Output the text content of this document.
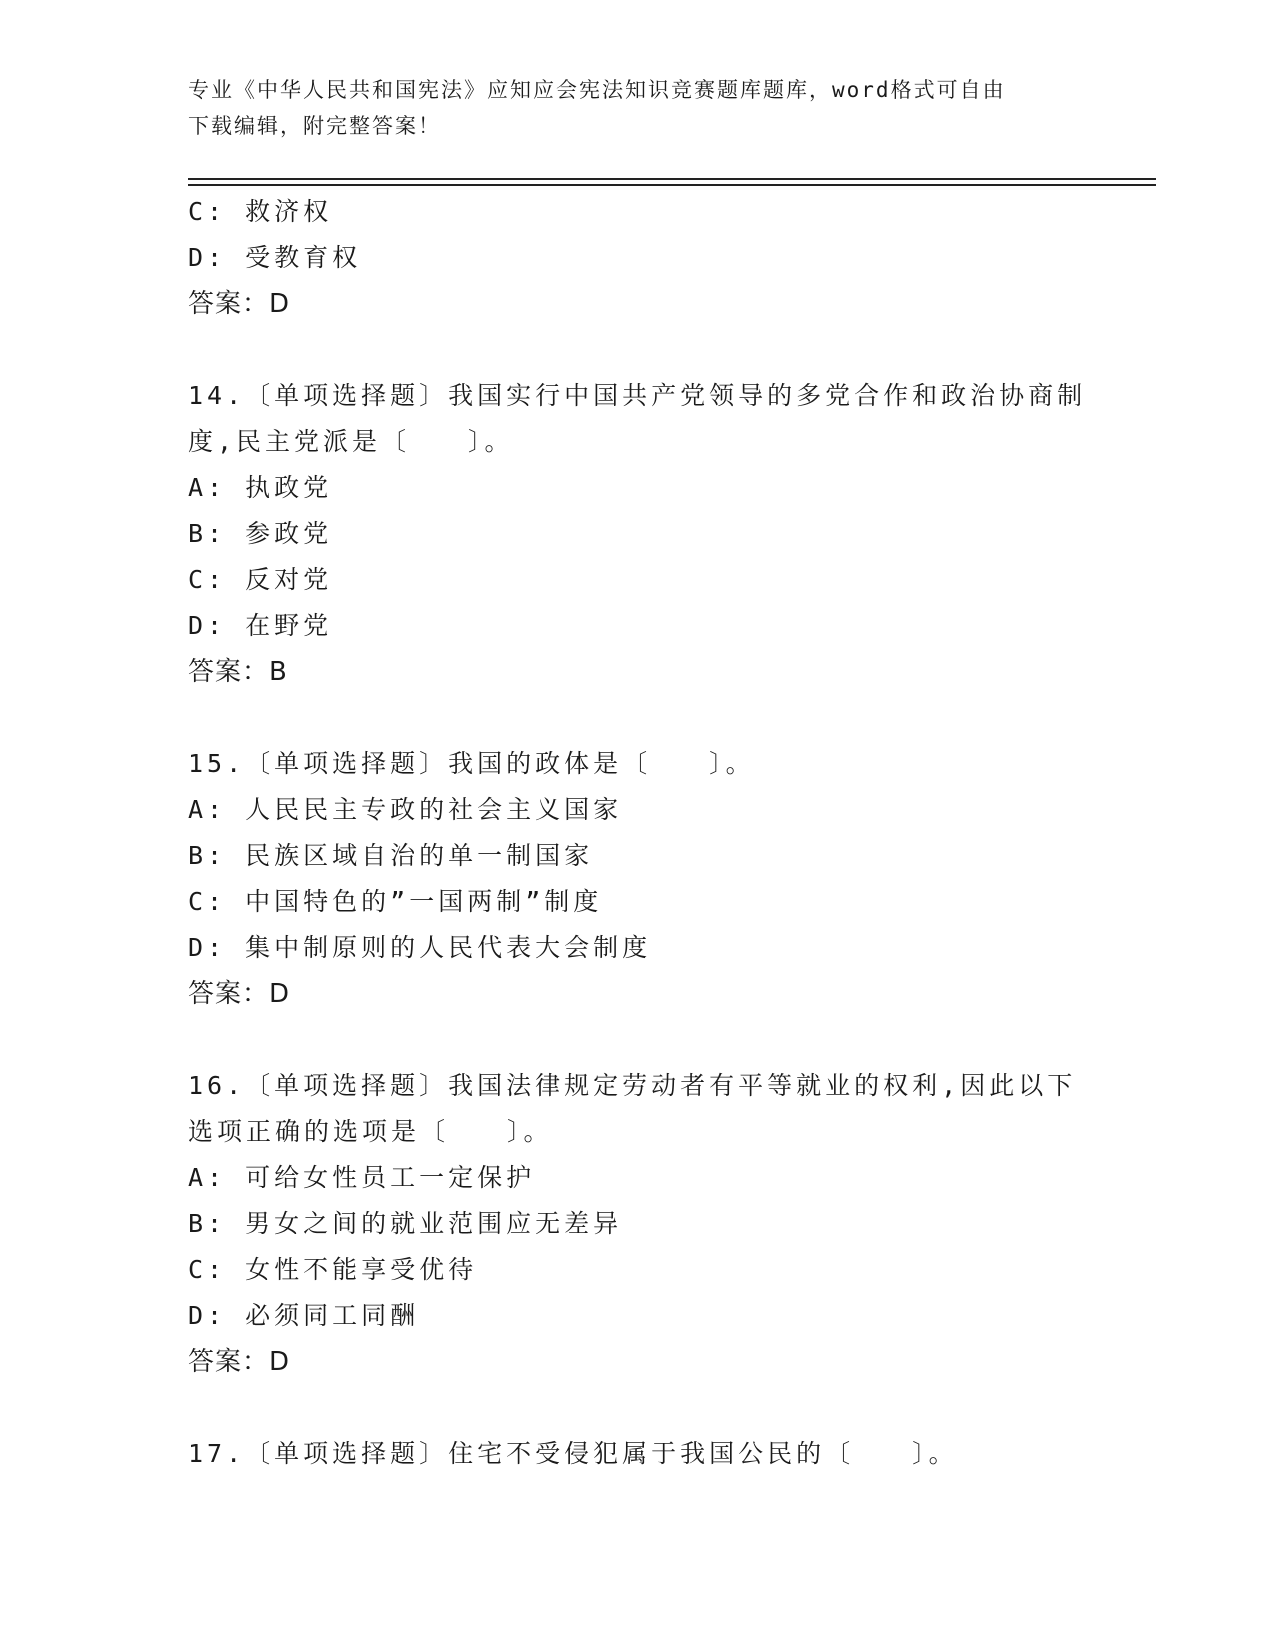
专业《中华人民共和国宪法》应知应会宪法知识竞赛题库题库，word格式可自由
下载编辑，附完整答案！
C: 救济权
D: 受教育权
答案：D
14.〔单项选择题〕我国实行中国共产党领导的多党合作和政治协商制
度,民主党派是〔　　〕。
A: 执政党
B: 参政党
C: 反对党
D: 在野党
答案：B
15.〔单项选择题〕我国的政体是〔　　〕。
A: 人民民主专政的社会主义国家
B: 民族区域自治的单一制国家
C: 中国特色的”一国两制”制度
D: 集中制原则的人民代表大会制度
答案：D
16.〔单项选择题〕我国法律规定劳动者有平等就业的权利,因此以下
选项正确的选项是〔　　〕。
A: 可给女性员工一定保护
B: 男女之间的就业范围应无差异
C: 女性不能享受优待
D: 必须同工同酬
答案：D
17.〔单项选择题〕住宅不受侵犯属于我国公民的〔　　〕。
